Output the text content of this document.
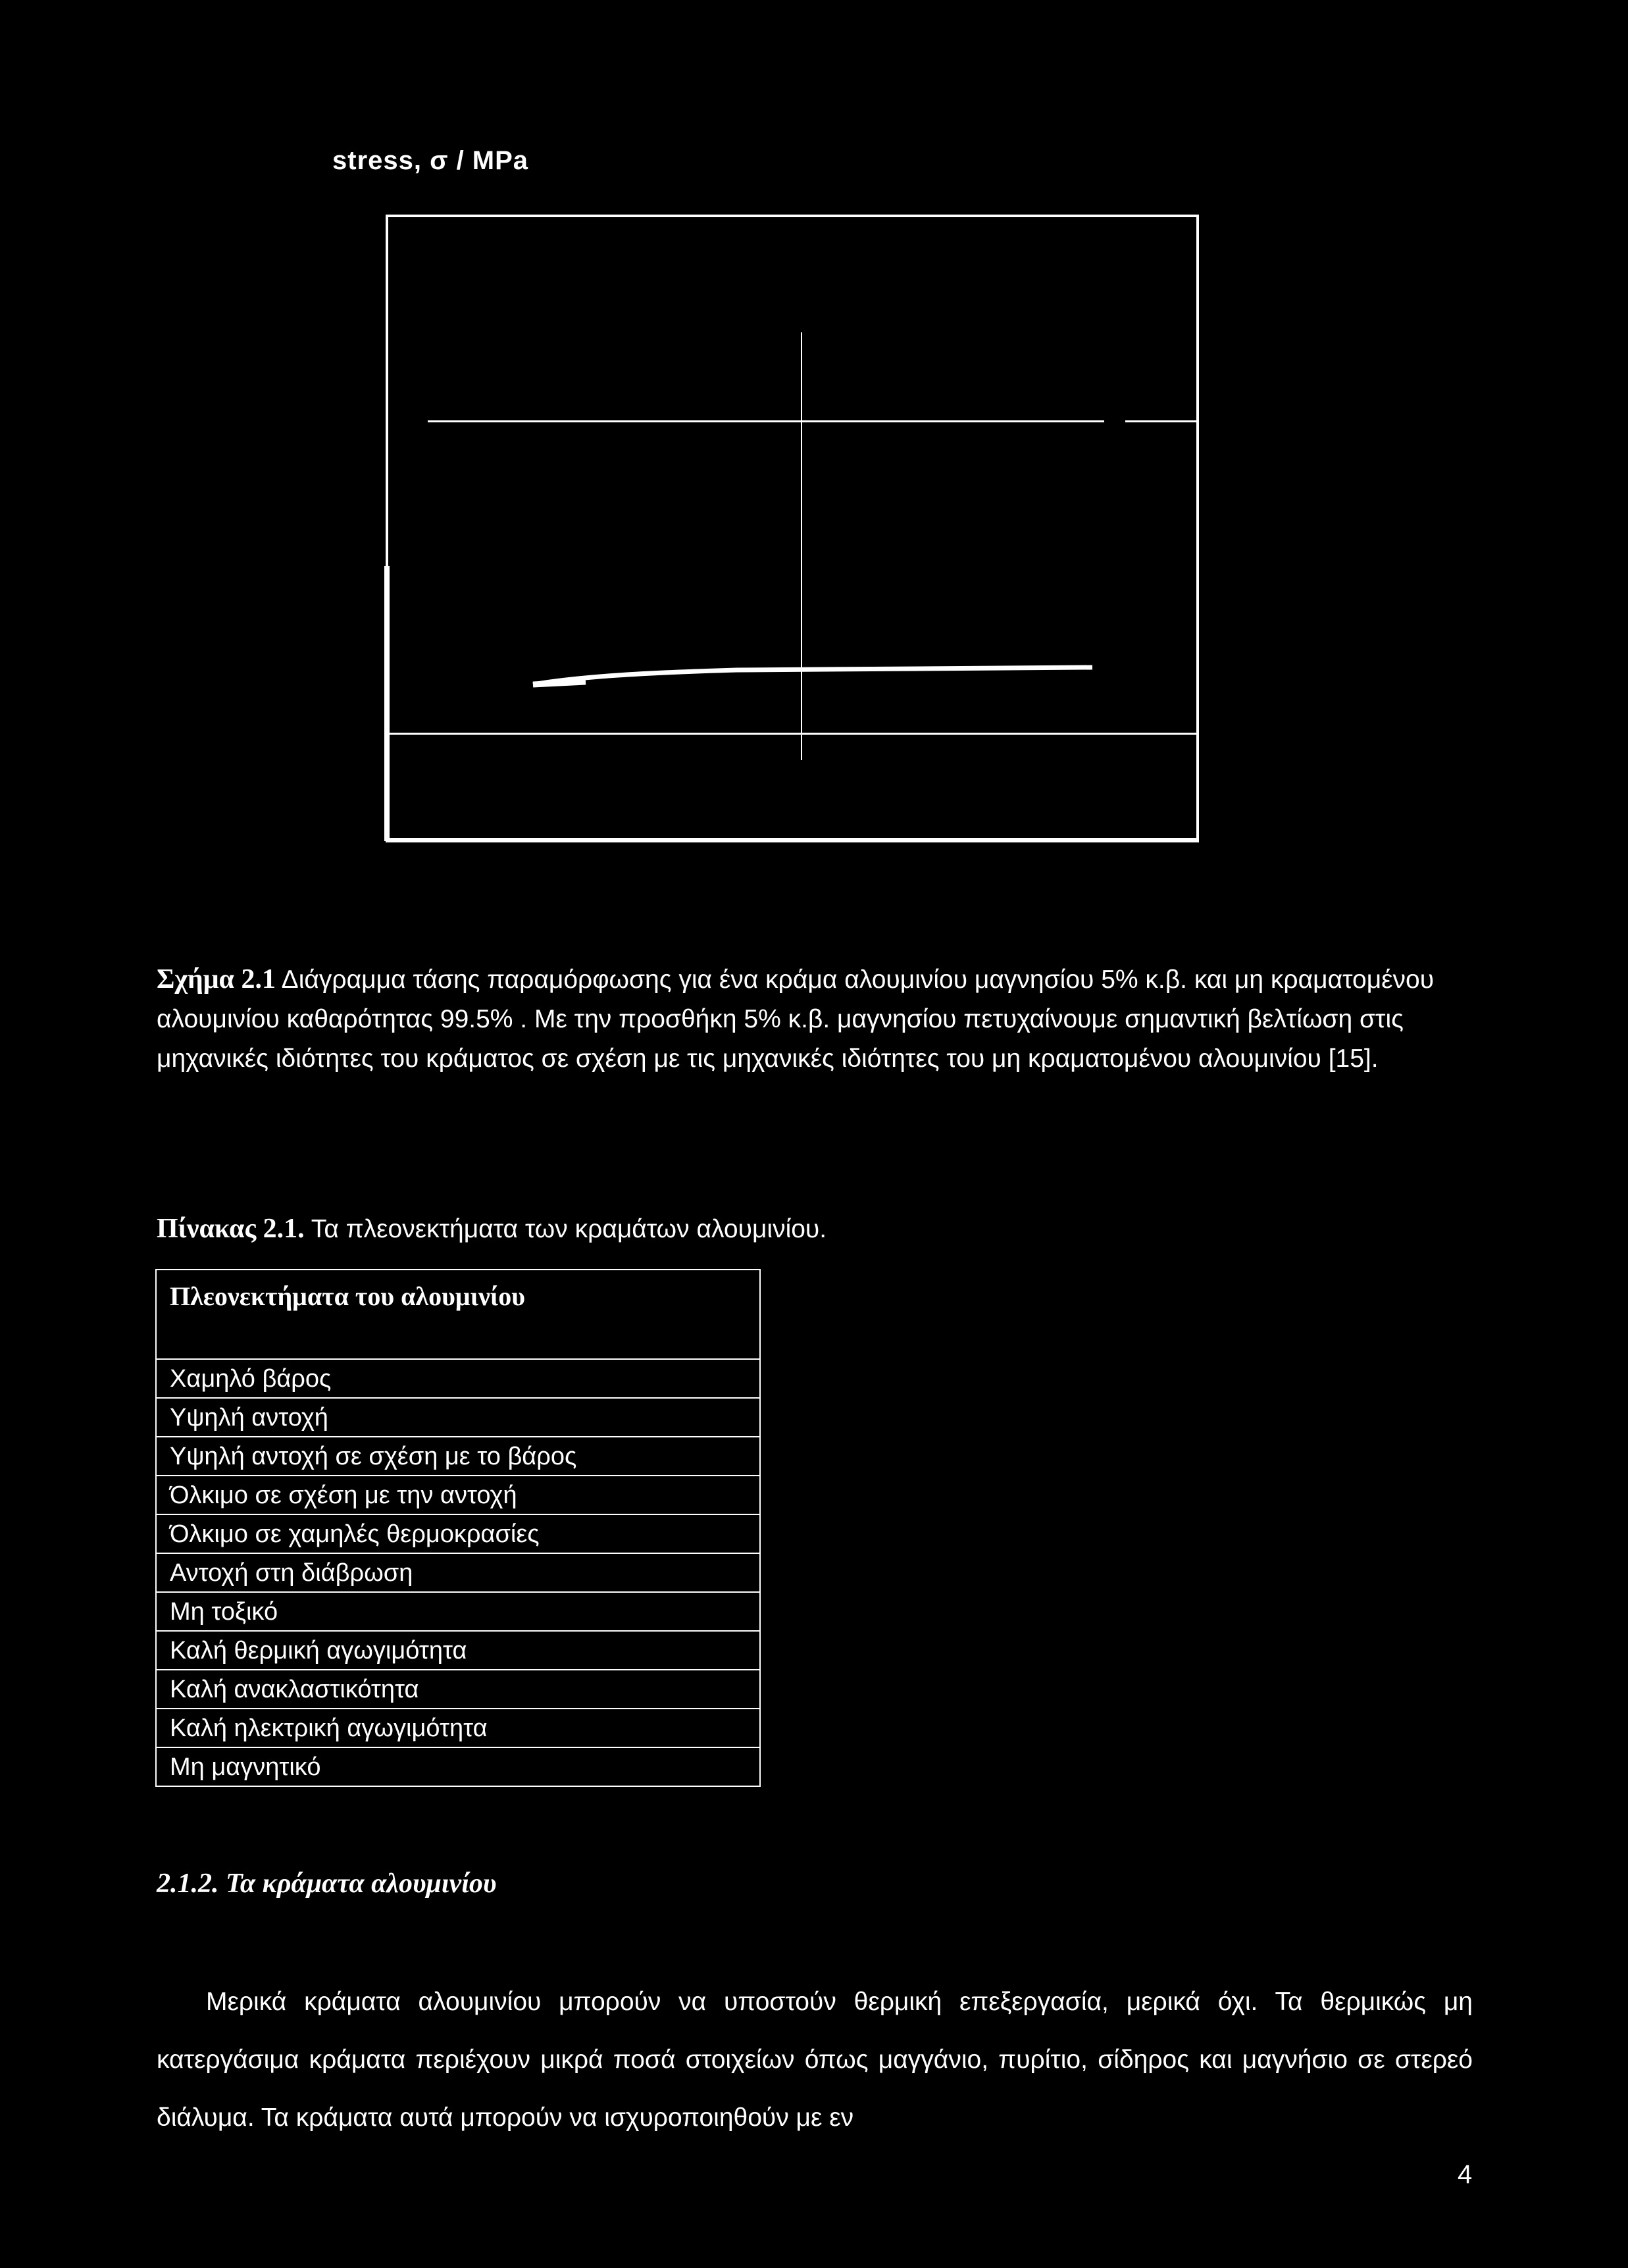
stress, σ / MPa
Σχήμα 2.1 Διάγραμμα τάσης παραμόρφωσης για ένα κράμα αλουμινίου μαγνησίου 5% κ.β. και μη κραματομένου αλουμινίου καθαρότητας 99.5% . Με την προσθήκη 5% κ.β. μαγνησίου πετυχαίνουμε σημαντική βελτίωση στις μηχανικές ιδιότητες του κράματος σε σχέση με τις μηχανικές ιδιότητες του μη κραματομένου αλουμινίου [15].
Πίνακας 2.1. Τα πλεονεκτήματα των κραμάτων αλουμινίου.
Πλεονεκτήματα του αλουμινίου
Χαμηλό βάρος
Υψηλή αντοχή
Υψηλή αντοχή σε σχέση με το βάρος
Όλκιμο σε σχέση με την αντοχή
Όλκιμο σε χαμηλές θερμοκρασίες
Αντοχή στη διάβρωση
Μη τοξικό
Καλή θερμική αγωγιμότητα
Καλή ανακλαστικότητα
Καλή ηλεκτρική αγωγιμότητα
Μη μαγνητικό
2.1.2. Τα κράματα αλουμινίου
Μερικά κράματα αλουμινίου μπορούν να υποστούν θερμική επεξεργασία, μερικά όχι. Τα θερμικώς μη κατεργάσιμα κράματα περιέχουν μικρά ποσά στοιχείων όπως μαγγάνιο, πυρίτιο, σίδηρος και μαγνήσιο σε στερεό διάλυμα. Τα κράματα αυτά μπορούν να ισχυροποιηθούν με εν
4
